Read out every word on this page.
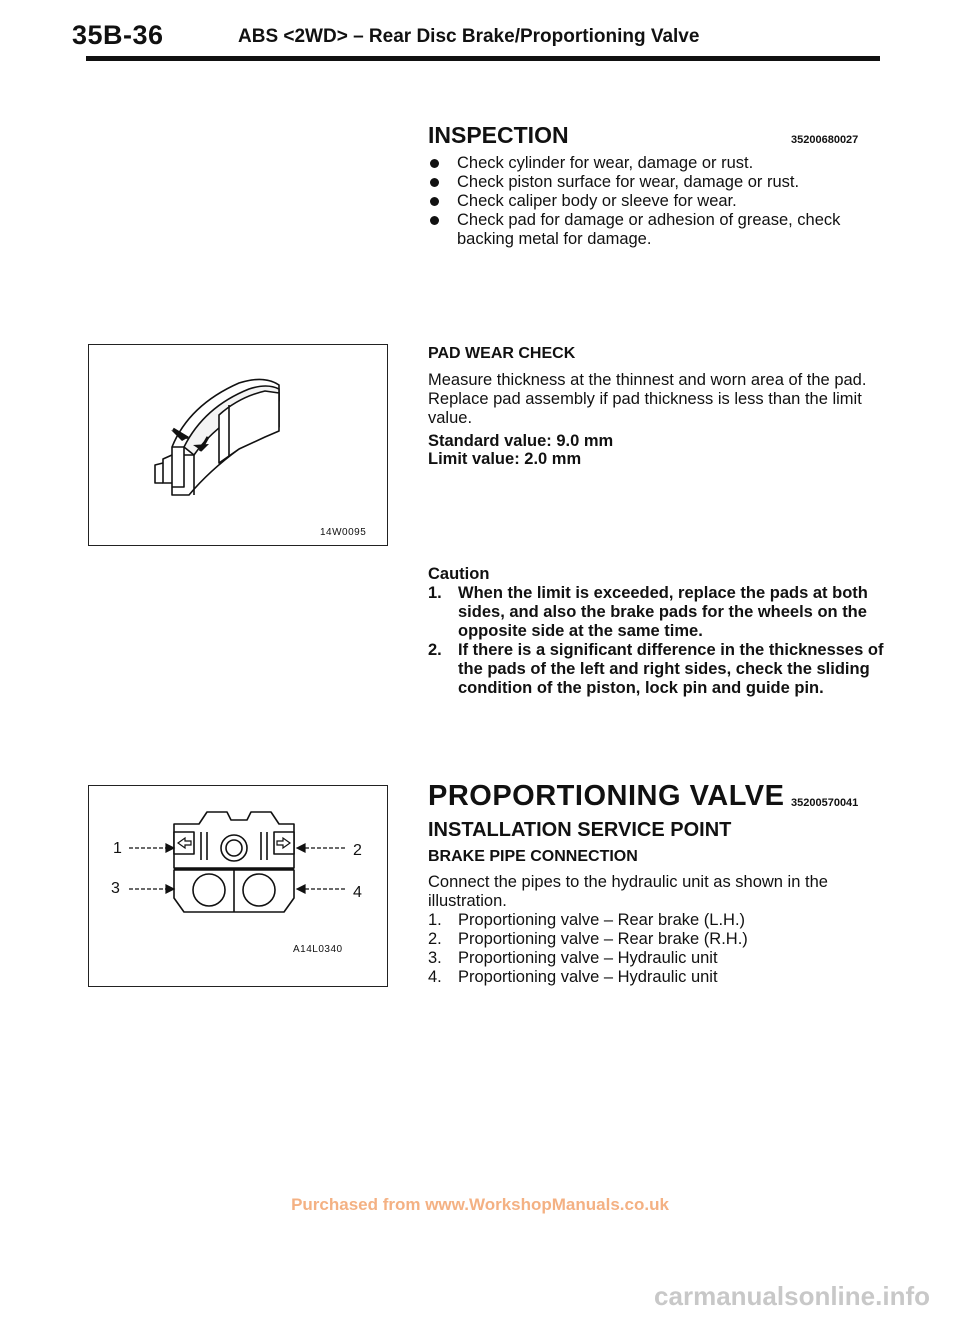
35B-36	ABS <2WD> – Rear Disc Brake/Proportioning Valve
INSPECTION	35200680027
Check cylinder for wear, damage or rust.
Check piston surface for wear, damage or rust.
Check caliper body or sleeve for wear.
Check pad for damage or adhesion of grease, check backing metal for damage.
14W0095
PAD WEAR CHECK
Measure thickness at the thinnest and worn area of the pad. Replace pad assembly if pad thickness is less than the limit value.
Standard value: 9.0 mm
Limit value: 2.0 mm
Caution
1. When the limit is exceeded, replace the pads at both sides, and also the brake pads for the wheels on the opposite side at the same time.
2. If there is a significant difference in the thicknesses of the pads of the left and right sides, check the sliding condition of the piston, lock pin and guide pin.
1	2
3	4
A14L0340
PROPORTIONING VALVE 35200570041
INSTALLATION SERVICE POINT
BRAKE PIPE CONNECTION
Connect the pipes to the hydraulic unit as shown in the illustration.
1. Proportioning valve – Rear brake (L.H.)
2. Proportioning valve – Rear brake (R.H.)
3. Proportioning valve – Hydraulic unit
4. Proportioning valve – Hydraulic unit
Purchased from www.WorkshopManuals.co.uk
carmanualsonline.info
